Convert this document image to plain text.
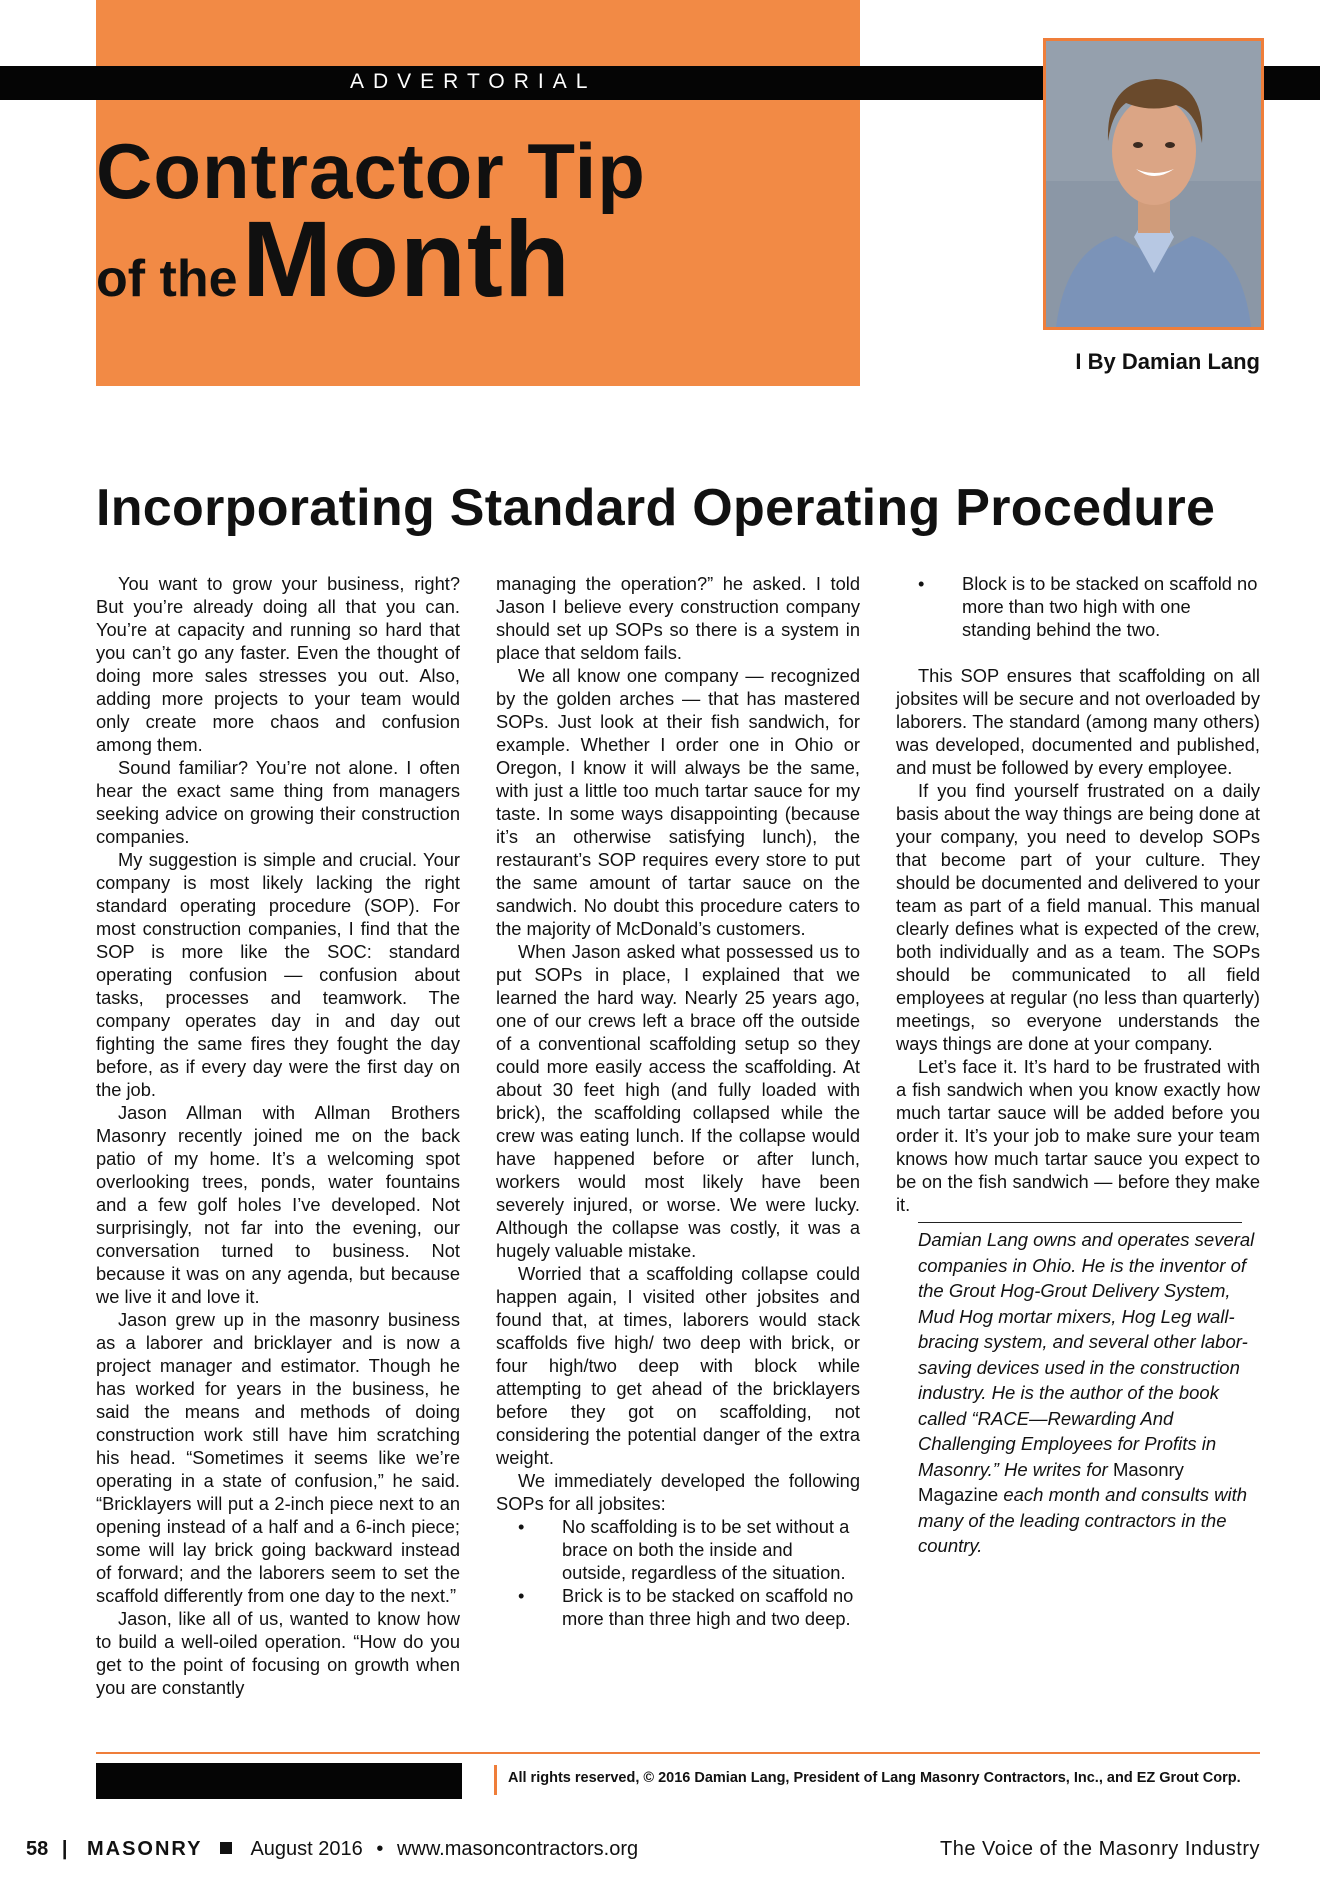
ADVERTORIAL
Contractor Tip
of the Month
I By Damian Lang
Incorporating Standard Operating Procedure

You want to grow your business, right? But you’re already doing all that you can. You’re at capacity and running so hard that you can’t go any faster. Even the thought of doing more sales stresses you out. Also, adding more projects to your team would only create more chaos and confusion among them.

Sound familiar? You’re not alone. I often hear the exact same thing from managers seeking advice on growing their construction companies.

My suggestion is simple and crucial. Your company is most likely lacking the right standard operating procedure (SOP). For most construction companies, I find that the SOP is more like the SOC: standard operating confusion — confusion about tasks, processes and teamwork. The company operates day in and day out fighting the same fires they fought the day before, as if every day were the first day on the job.

Jason Allman with Allman Brothers Masonry recently joined me on the back patio of my home. It’s a welcoming spot overlooking trees, ponds, water fountains and a few golf holes I’ve developed. Not surprisingly, not far into the evening, our conversation turned to business. Not because it was on any agenda, but because we live it and love it.

Jason grew up in the masonry business as a laborer and bricklayer and is now a project manager and estimator. Though he has worked for years in the business, he said the means and methods of doing construction work still have him scratching his head. “Sometimes it seems like we’re operating in a state of confusion,” he said. “Bricklayers will put a 2-inch piece next to an opening instead of a half and a 6-inch piece; some will lay brick going backward instead of forward; and the laborers seem to set the scaffold differently from one day to the next.”

Jason, like all of us, wanted to know how to build a well-oiled operation. “How do you get to the point of focusing on growth when you are constantly

managing the operation?” he asked. I told Jason I believe every construction company should set up SOPs so there is a system in place that seldom fails.

We all know one company — recognized by the golden arches — that has mastered SOPs. Just look at their fish sandwich, for example. Whether I order one in Ohio or Oregon, I know it will always be the same, with just a little too much tartar sauce for my taste. In some ways disappointing (because it’s an otherwise satisfying lunch), the restaurant’s SOP requires every store to put the same amount of tartar sauce on the sandwich. No doubt this procedure caters to the majority of McDonald’s customers.

When Jason asked what possessed us to put SOPs in place, I explained that we learned the hard way. Nearly 25 years ago, one of our crews left a brace off the outside of a conventional scaffolding setup so they could more easily access the scaffolding. At about 30 feet high (and fully loaded with brick), the scaffolding collapsed while the crew was eating lunch. If the collapse would have happened before or after lunch, workers would most likely have been severely injured, or worse. We were lucky. Although the collapse was costly, it was a hugely valuable mistake.

Worried that a scaffolding collapse could happen again, I visited other jobsites and found that, at times, laborers would stack scaffolds five high/ two deep with brick, or four high/two deep with block while attempting to get ahead of the bricklayers before they got on scaffolding, not considering the potential danger of the extra weight.

We immediately developed the following SOPs for all jobsites:

• No scaffolding is to be set without a brace on both the inside and outside, regardless of the situation.
• Brick is to be stacked on scaffold no more than three high and two deep.
• Block is to be stacked on scaffold no more than two high with one standing behind the two.

This SOP ensures that scaffolding on all jobsites will be secure and not overloaded by laborers. The standard (among many others) was developed, documented and published, and must be followed by every employee.

If you find yourself frustrated on a daily basis about the way things are being done at your company, you need to develop SOPs that become part of your culture. They should be documented and delivered to your team as part of a field manual. This manual clearly defines what is expected of the crew, both individually and as a team. The SOPs should be communicated to all field employees at regular (no less than quarterly) meetings, so everyone understands the ways things are done at your company.

Let’s face it. It’s hard to be frustrated with a fish sandwich when you know exactly how much tartar sauce will be added before you order it. It’s your job to make sure your team knows how much tartar sauce you expect to be on the fish sandwich — before they make it.

Damian Lang owns and operates several companies in Ohio. He is the inventor of the Grout Hog-Grout Delivery System, Mud Hog mortar mixers, Hog Leg wall-bracing system, and several other labor-saving devices used in the construction industry. He is the author of the book called “RACE—Rewarding And Challenging Employees for Profits in Masonry.” He writes for Masonry Magazine each month and consults with many of the leading contractors in the country.
All rights reserved, © 2016 Damian Lang, President of Lang Masonry Contractors, Inc., and EZ Grout Corp.
58 | MASONRY August 2016 • www.masoncontractors.org	The Voice of the Masonry Industry
